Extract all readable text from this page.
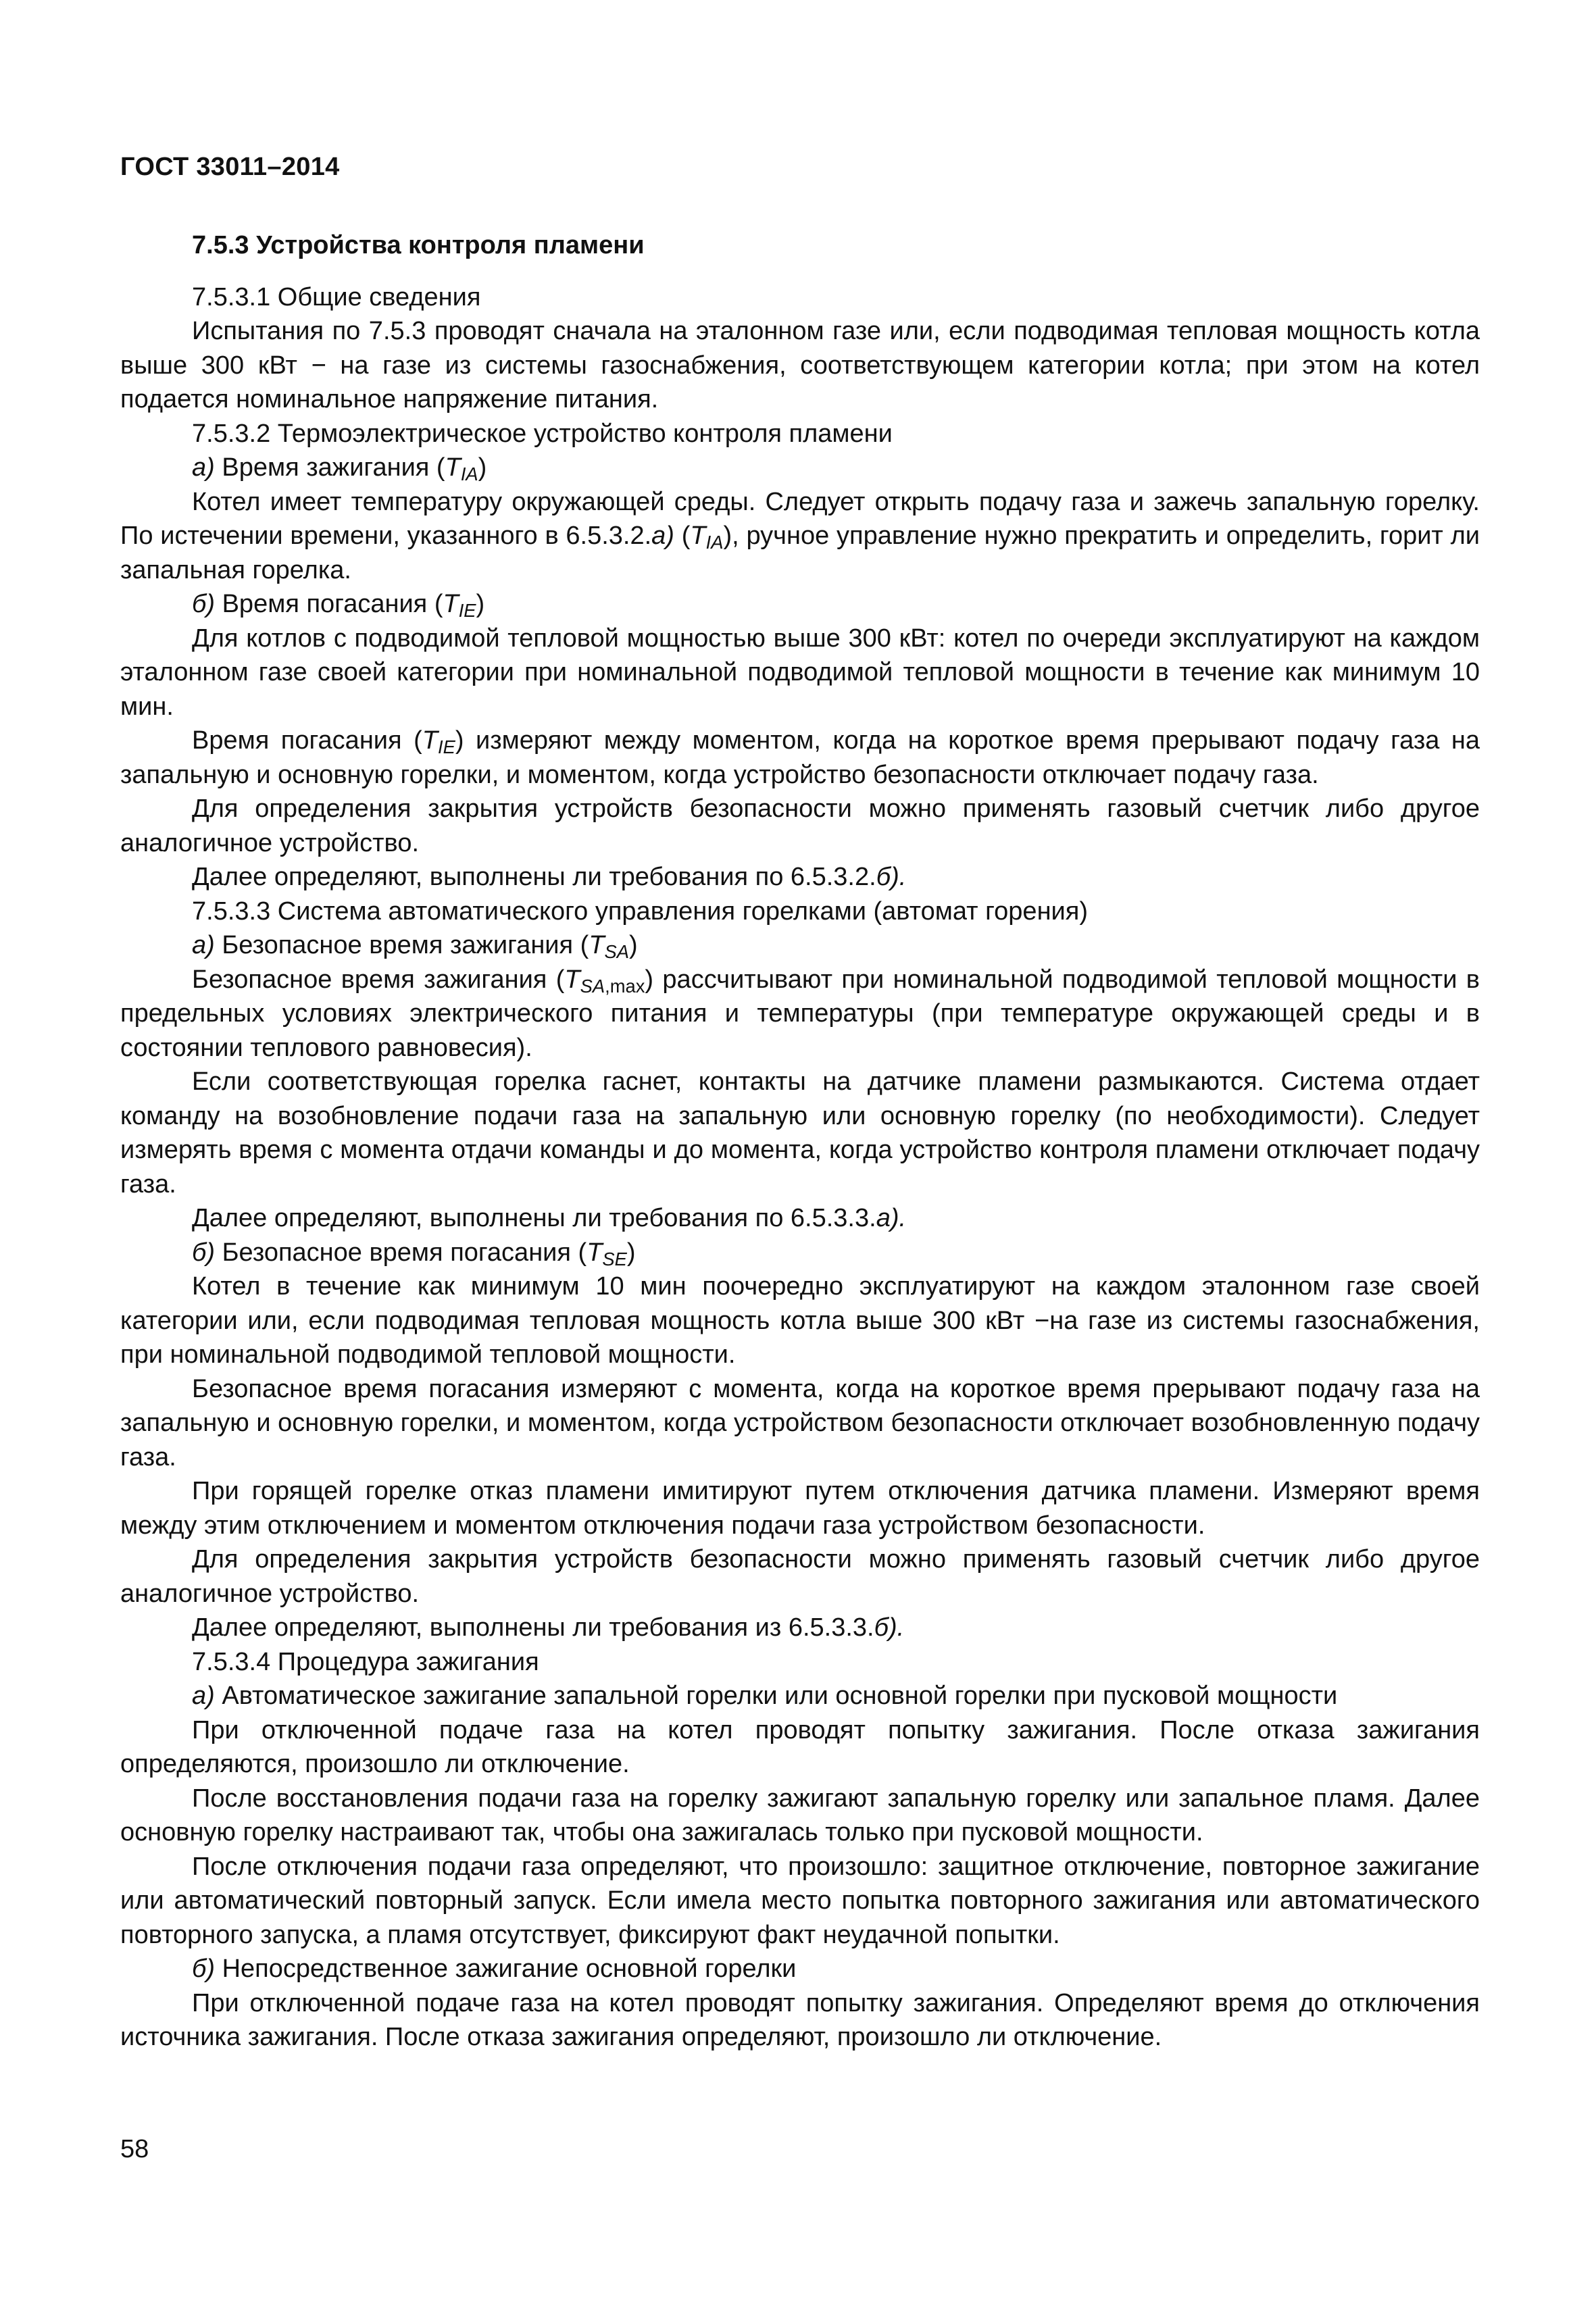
ГОСТ 33011–2014
7.5.3 Устройства контроля пламени

7.5.3.1 Общие сведения

Испытания по 7.5.3 проводят сначала на эталонном газе или, если подводимая тепловая мощность котла выше 300 кВт − на газе из системы газоснабжения, соответствующем категории котла; при этом на котел подается номинальное напряжение питания.

7.5.3.2 Термоэлектрическое устройство контроля пламени

а) Время зажигания $(T_{IA})$

Котел имеет температуру окружающей среды. Следует открыть подачу газа и зажечь запальную горелку. По истечении времени, указанного в 6.5.3.2.а) $(T_{IA})$, ручное управление нужно прекратить и определить, горит ли запальная горелка.

б) Время погасания $(T_{IE})$

Для котлов с подводимой тепловой мощностью выше 300 кВт: котел по очереди эксплуатируют на каждом эталонном газе своей категории при номинальной подводимой тепловой мощности в течение как минимум 10 мин.

Время погасания $(T_{IE})$ измеряют между моментом, когда на короткое время прерывают подачу газа на запальную и основную горелки, и моментом, когда устройство безопасности отключает подачу газа.

Для определения закрытия устройств безопасности можно применять газовый счетчик либо другое аналогичное устройство.

Далее определяют, выполнены ли требования по 6.5.3.2.б).

7.5.3.3 Система автоматического управления горелками (автомат горения)

а) Безопасное время зажигания $(T_{SA})$

Безопасное время зажигания $(T_{SA,max})$ рассчитывают при номинальной подводимой тепловой мощности в предельных условиях электрического питания и температуры (при температуре окружающей среды и в состоянии теплового равновесия).

Если соответствующая горелка гаснет, контакты на датчике пламени размыкаются. Система отдает команду на возобновление подачи газа на запальную или основную горелку (по необходимости). Следует измерять время с момента отдачи команды и до момента, когда устройство контроля пламени отключает подачу газа.

Далее определяют, выполнены ли требования по 6.5.3.3.а).

б) Безопасное время погасания $(T_{SE})$

Котел в течение как минимум 10 мин поочередно эксплуатируют на каждом эталонном газе своей категории или, если подводимая тепловая мощность котла выше 300 кВт −на газе из системы газоснабжения, при номинальной подводимой тепловой мощности.

Безопасное время погасания измеряют с момента, когда на короткое время прерывают подачу газа на запальную и основную горелки, и моментом, когда устройством безопасности отключает возобновленную подачу газа.

При горящей горелке отказ пламени имитируют путем отключения датчика пламени. Измеряют время между этим отключением и моментом отключения подачи газа устройством безопасности.

Для определения закрытия устройств безопасности можно применять газовый счетчик либо другое аналогичное устройство.

Далее определяют, выполнены ли требования из 6.5.3.3.б).

7.5.3.4 Процедура зажигания

а) Автоматическое зажигание запальной горелки или основной горелки при пусковой мощности

При отключенной подаче газа на котел проводят попытку зажигания. После отказа зажигания определяются, произошло ли отключение.

После восстановления подачи газа на горелку зажигают запальную горелку или запальное пламя. Далее основную горелку настраивают так, чтобы она зажигалась только при пусковой мощности.

После отключения подачи газа определяют, что произошло: защитное отключение, повторное зажигание или автоматический повторный запуск. Если имела место попытка повторного зажигания или автоматического повторного запуска, а пламя отсутствует, фиксируют факт неудачной попытки.

б) Непосредственное зажигание основной горелки

При отключенной подаче газа на котел проводят попытку зажигания. Определяют время до отключения источника зажигания. После отказа зажигания определяют, произошло ли отключение.

58
